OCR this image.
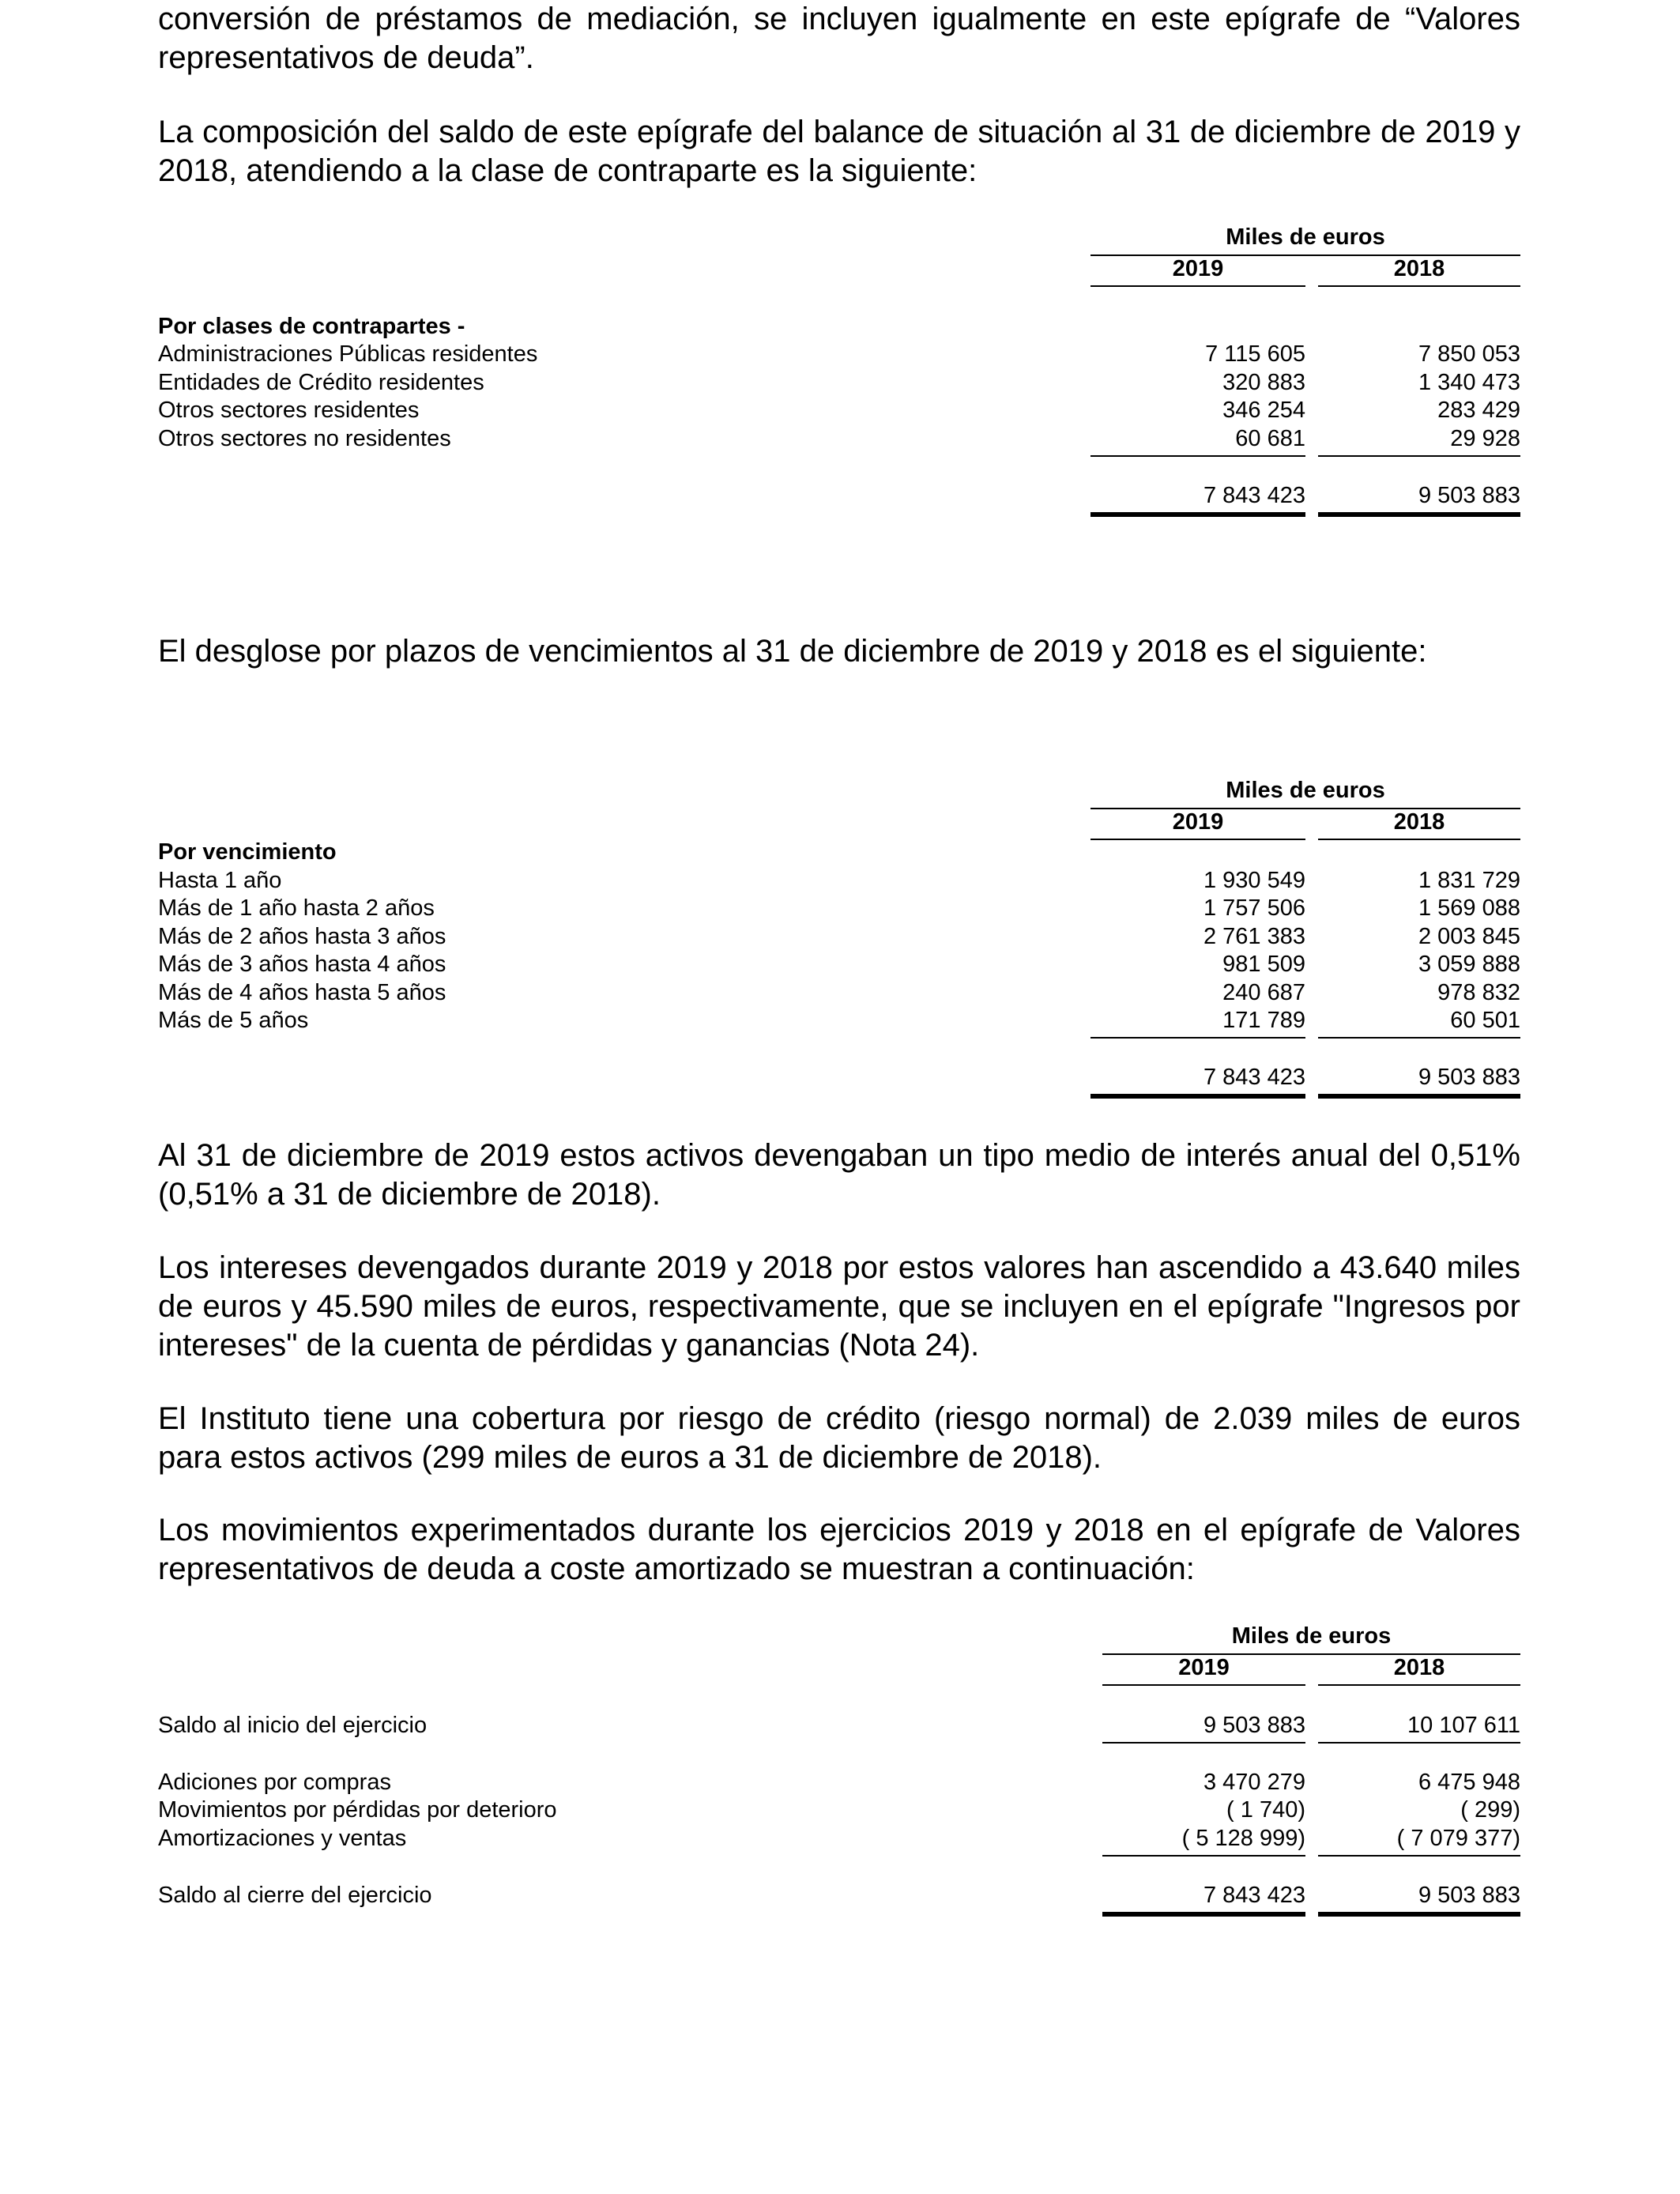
conversión de préstamos de mediación, se incluyen igualmente en este epígrafe de “Valores representativos de deuda”.

La composición del saldo de este epígrafe del balance de situación al 31 de diciembre de 2019 y 2018, atendiendo a la clase de contraparte es la siguiente:

Miles de euros
2019	2018
Por clases de contrapartes -
Administraciones Públicas residentes	7 115 605	7 850 053
Entidades de Crédito residentes	320 883	1 340 473
Otros sectores residentes	346 254	283 429
Otros sectores no residentes	60 681	29 928
7 843 423	9 503 883

El desglose por plazos de vencimientos al 31 de diciembre de 2019 y 2018 es el siguiente:

Miles de euros
2019	2018
Por vencimiento
Hasta 1 año	1 930 549	1 831 729
Más de 1 año hasta 2 años	1 757 506	1 569 088
Más de 2 años hasta 3 años	2 761 383	2 003 845
Más de 3 años hasta 4 años	981 509	3 059 888
Más de 4 años hasta 5 años	240 687	978 832
Más de 5 años	171 789	60 501
7 843 423	9 503 883

Al 31 de diciembre de 2019 estos activos devengaban un tipo medio de interés anual del 0,51% (0,51% a 31 de diciembre de 2018).

Los intereses devengados durante 2019 y 2018 por estos valores han ascendido a 43.640 miles de euros y 45.590 miles de euros, respectivamente, que se incluyen en el epígrafe "Ingresos por intereses" de la cuenta de pérdidas y ganancias (Nota 24).

El Instituto tiene una cobertura por riesgo de crédito (riesgo normal) de 2.039 miles de euros para estos activos (299 miles de euros a 31 de diciembre de 2018).

Los movimientos experimentados durante los ejercicios 2019 y 2018 en el epígrafe de Valores representativos de deuda a coste amortizado se muestran a continuación:

Miles de euros
2019	2018
Saldo al inicio del ejercicio	9 503 883	10 107 611
Adiciones por compras	3 470 279	6 475 948
Movimientos por pérdidas por deterioro	( 1 740)	( 299)
Amortizaciones y ventas	( 5 128 999)	( 7 079 377)
Saldo al cierre del ejercicio	7 843 423	9 503 883
